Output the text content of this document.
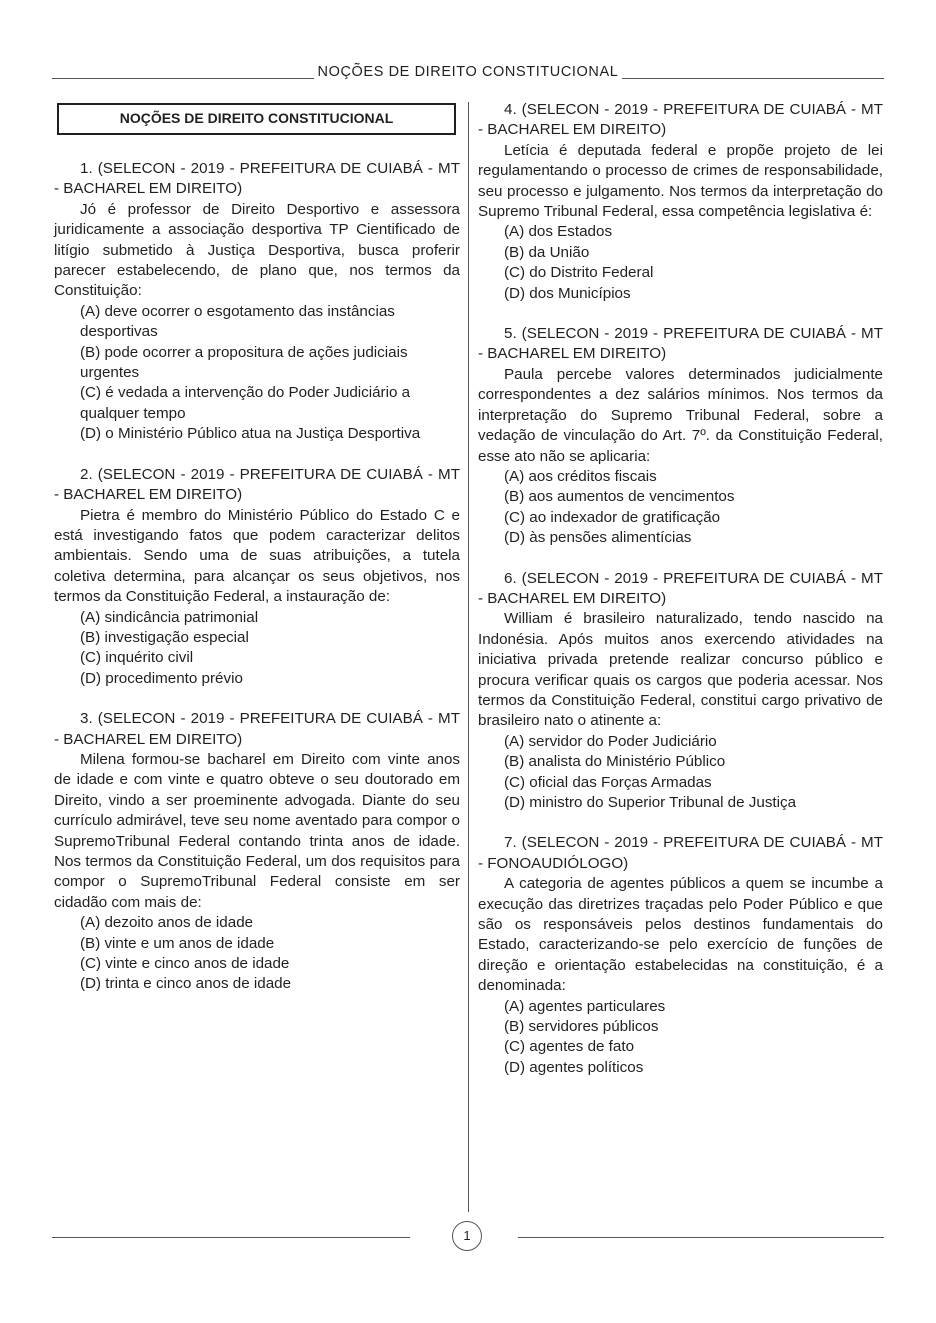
NOÇÕES DE DIREITO CONSTITUCIONAL
NOÇÕES DE DIREITO CONSTITUCIONAL
1. (SELECON - 2019 - PREFEITURA DE CUIABÁ - MT - BACHAREL EM DIREITO)
Jó é professor de Direito Desportivo e assessora juridicamente a associação desportiva TP Cientificado de litígio submetido à Justiça Desportiva, busca proferir parecer estabelecendo, de plano que, nos termos da Constituição:
(A) deve ocorrer o esgotamento das instâncias desportivas
(B) pode ocorrer a propositura de ações judiciais urgentes
(C) é vedada a intervenção do Poder Judiciário a qualquer tempo
(D) o Ministério Público atua na Justiça Desportiva
2. (SELECON - 2019 - PREFEITURA DE CUIABÁ - MT - BACHAREL EM DIREITO)
Pietra é membro do Ministério Público do Estado C e está investigando fatos que podem caracterizar delitos ambientais. Sendo uma de suas atribuições, a tutela coletiva determina, para alcançar os seus objetivos, nos termos da Constituição Federal, a instauração de:
(A) sindicância patrimonial
(B) investigação especial
(C) inquérito civil
(D) procedimento prévio
3. (SELECON - 2019 - PREFEITURA DE CUIABÁ - MT - BACHAREL EM DIREITO)
Milena formou-se bacharel em Direito com vinte anos de idade e com vinte e quatro obteve o seu doutorado em Direito, vindo a ser proeminente advogada. Diante do seu currículo admirável, teve seu nome aventado para compor o SupremoTribunal Federal contando trinta anos de idade. Nos termos da Constituição Federal, um dos requisitos para compor o SupremoTribunal Federal consiste em ser cidadão com mais de:
(A) dezoito anos de idade
(B) vinte e um anos de idade
(C) vinte e cinco anos de idade
(D) trinta e cinco anos de idade
4. (SELECON - 2019 - PREFEITURA DE CUIABÁ - MT - BACHAREL EM DIREITO)
Letícia é deputada federal e propõe projeto de lei regulamentando o processo de crimes de responsabilidade, seu processo e julgamento. Nos termos da interpretação do Supremo Tribunal Federal, essa competência legislativa é:
(A) dos Estados
(B) da União
(C) do Distrito Federal
(D) dos Municípios
5. (SELECON - 2019 - PREFEITURA DE CUIABÁ - MT - BACHAREL EM DIREITO)
Paula percebe valores determinados judicialmente correspondentes a dez salários mínimos. Nos termos da interpretação do Supremo Tribunal Federal, sobre a vedação de vinculação do Art. 7º. da Constituição Federal, esse ato não se aplicaria:
(A) aos créditos fiscais
(B) aos aumentos de vencimentos
(C) ao indexador de gratificação
(D) às pensões alimentícias
6. (SELECON - 2019 - PREFEITURA DE CUIABÁ - MT - BACHAREL EM DIREITO)
William é brasileiro naturalizado, tendo nascido na Indonésia. Após muitos anos exercendo atividades na iniciativa privada pretende realizar concurso público e procura verificar quais os cargos que poderia acessar. Nos termos da Constituição Federal, constitui cargo privativo de brasileiro nato o atinente a:
(A) servidor do Poder Judiciário
(B) analista do Ministério Público
(C) oficial das Forças Armadas
(D) ministro do Superior Tribunal de Justiça
7. (SELECON - 2019 - PREFEITURA DE CUIABÁ - MT - FONOAUDIÓLOGO)
A categoria de agentes públicos a quem se incumbe a execução das diretrizes traçadas pelo Poder Público e que são os responsáveis pelos destinos fundamentais do Estado, caracterizando-se pelo exercício de funções de direção e orientação estabelecidas na constituição, é a denominada:
(A) agentes particulares
(B) servidores públicos
(C) agentes de fato
(D) agentes políticos
1
